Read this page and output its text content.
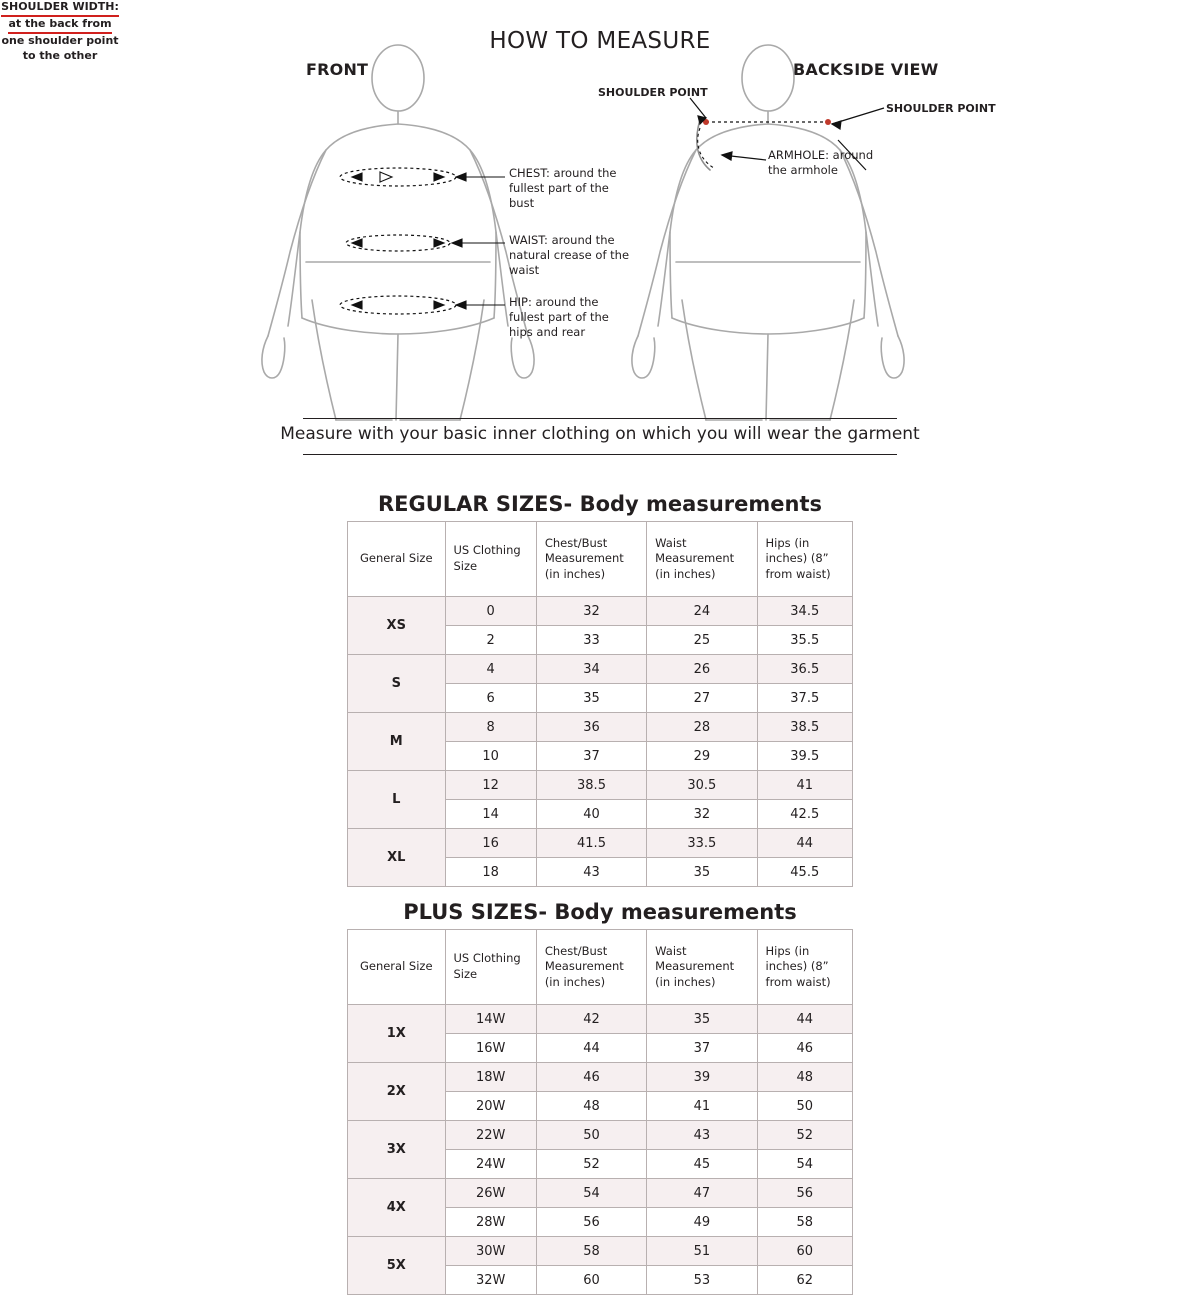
HOW TO MEASURE
FRONT	BACKSIDE VIEW
SHOULDER POINT
SHOULDER POINT
ARMHOLE: around the armhole
SHOULDER WIDTH:
at the back from
one shoulder point
to the other
CHEST: around the fullest part of the bust
WAIST: around the natural crease of the waist
HIP: around the fullest part of the hips and rear
Measure with your basic inner clothing on which you will wear the garment
REGULAR SIZES- Body measurements
General Size	US Clothing Size	Chest/Bust Measurement (in inches)	Waist Measurement (in inches)	Hips (in inches) (8” from waist)
XS	0	32	24	34.5
	2	33	25	35.5
S	4	34	26	36.5
	6	35	27	37.5
M	8	36	28	38.5
	10	37	29	39.5
L	12	38.5	30.5	41
	14	40	32	42.5
XL	16	41.5	33.5	44
	18	43	35	45.5
PLUS SIZES- Body measurements
General Size	US Clothing Size	Chest/Bust Measurement (in inches)	Waist Measurement (in inches)	Hips (in inches) (8” from waist)
1X	14W	42	35	44
	16W	44	37	46
2X	18W	46	39	48
	20W	48	41	50
3X	22W	50	43	52
	24W	52	45	54
4X	26W	54	47	56
	28W	56	49	58
5X	30W	58	51	60
	32W	60	53	62
